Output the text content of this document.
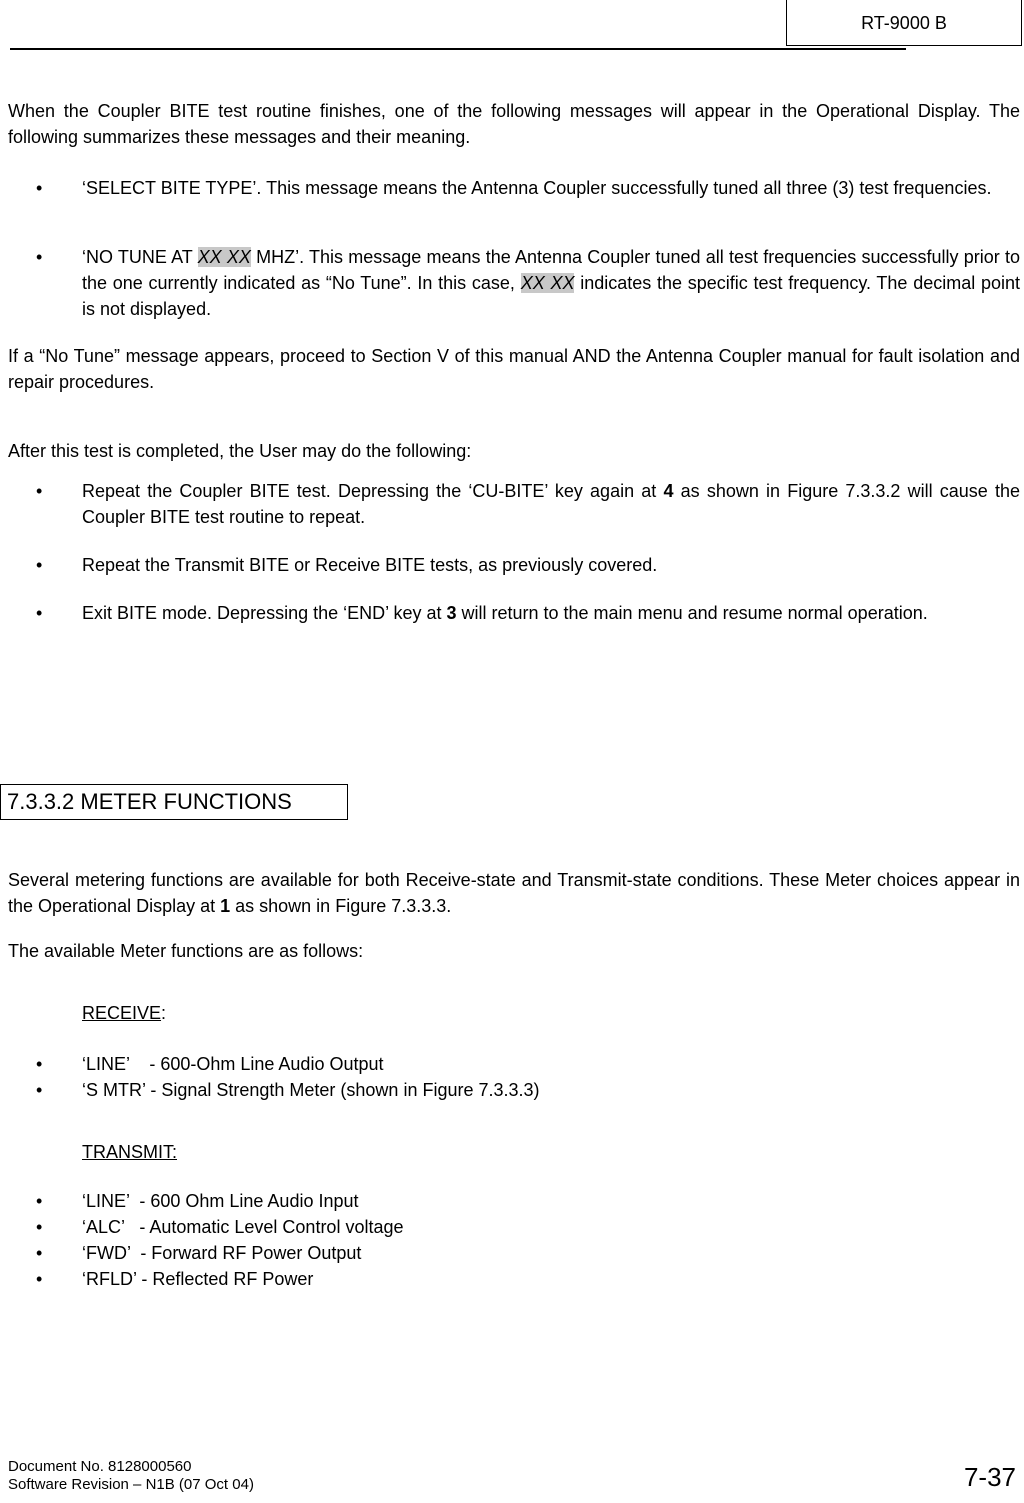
RT-9000 B
When the Coupler BITE test routine finishes, one of the following messages will appear in the Operational Display. The following summarizes these messages and their meaning.
•	‘SELECT BITE TYPE’. This message means the Antenna Coupler successfully tuned all three (3) test frequencies.
•	‘NO TUNE AT XX XX MHZ’. This message means the Antenna Coupler tuned all test frequencies successfully prior to the one currently indicated as “No Tune”. In this case, XX XX indicates the specific test frequency. The decimal point is not displayed.
If a “No Tune” message appears, proceed to Section V of this manual AND the Antenna Coupler manual for fault isolation and repair procedures.
After this test is completed, the User may do the following:
•	Repeat the Coupler BITE test. Depressing the ‘CU-BITE’ key again at 4 as shown in Figure 7.3.3.2 will cause the Coupler BITE test routine to repeat.
•	Repeat the Transmit BITE or Receive BITE tests, as previously covered.
•	Exit BITE mode. Depressing the ‘END’ key at 3 will return to the main menu and resume normal operation.
7.3.3.2 METER FUNCTIONS
Several metering functions are available for both Receive-state and Transmit-state conditions. These Meter choices appear in the Operational Display at 1 as shown in Figure 7.3.3.3.
The available Meter functions are as follows:
RECEIVE:
•	‘LINE’    - 600-Ohm Line Audio Output
•	‘S MTR’ - Signal Strength Meter (shown in Figure 7.3.3.3)
TRANSMIT:
•	‘LINE’  - 600 Ohm Line Audio Input
•	‘ALC’   - Automatic Level Control voltage
•	‘FWD’  - Forward RF Power Output
•	‘RFLD’ - Reflected RF Power
Document No. 8128000560
Software Revision – N1B (07 Oct 04)	7-37
